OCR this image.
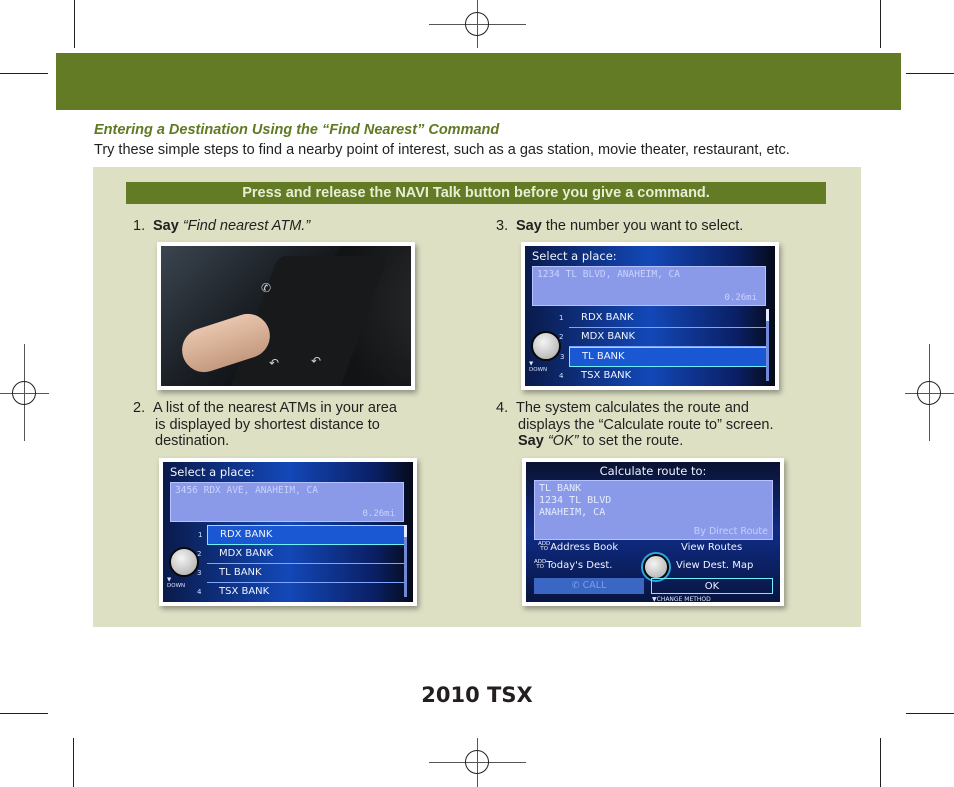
Entering a Destination Using the “Find Nearest” Command
Try these simple steps to find a nearby point of interest, such as a gas station, movie theater, restaurant, etc.
Press and release the NAVI Talk button before you give a command.
1. Say “Find nearest ATM.”
✆
↶	↶
2. A list of the nearest ATMs in your area
is displayed by shortest distance to
destination.
Select a place:
3456 RDX AVE, ANAHEIM, CA
0.26mi
1 RDX BANK
2 MDX BANK
3 TL BANK
4 TSX BANK
▼
DOWN
3. Say the number you want to select.
Select a place:
1234 TL BLVD, ANAHEIM, CA
0.26mi
1 RDX BANK
2 MDX BANK
3 TL BANK
4 TSX BANK
▼
DOWN
4. The system calculates the route and
displays the “Calculate route to” screen.
Say “OK” to set the route.
Calculate route to:
TL BANK
1234 TL BLVD
ANAHEIM, CA
By Direct Route
ADD
TO Address Book	View Routes
ADD
TO Today's Dest.	View Dest. Map
✆ CALL	OK
▼CHANGE METHOD
2010 TSX
